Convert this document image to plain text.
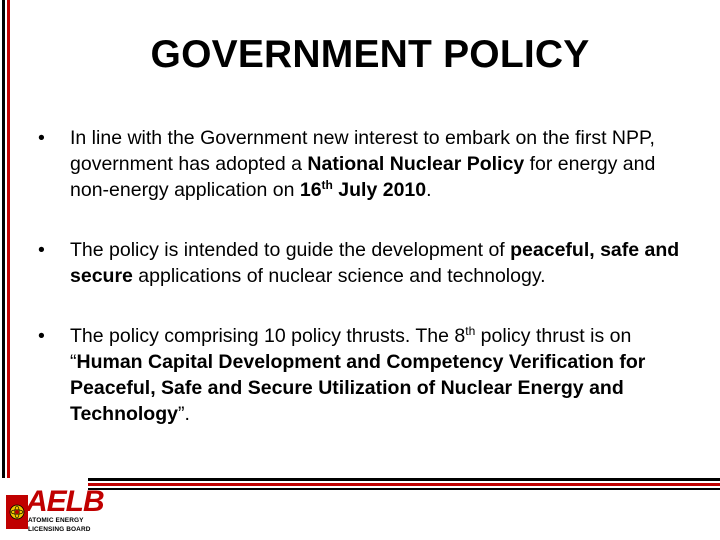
GOVERNMENT POLICY
• In line with the Government new interest to embark on the first NPP, government has adopted a National Nuclear Policy for energy and non-energy application on 16th July 2010.
• The policy is intended to guide the development of peaceful, safe and secure applications of nuclear science and technology.
• The policy comprising 10 policy thrusts. The 8th policy thrust is on “Human Capital Development and Competency Verification for Peaceful, Safe and Secure Utilization of Nuclear Energy and Technology”.
AELB
ATOMIC ENERGY
LICENSING BOARD
